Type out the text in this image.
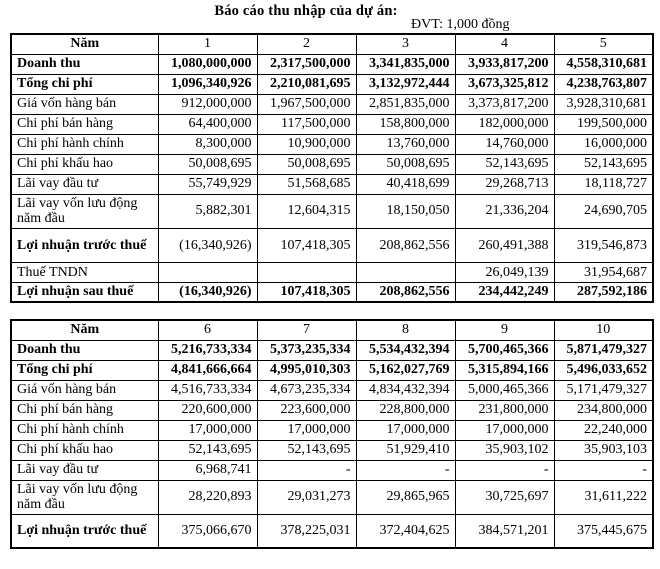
Báo cáo thu nhập của dự án:
ĐVT: 1,000 đồng
Năm	1	2	3	4	5
Doanh thu	1,080,000,000	2,317,500,000	3,341,835,000	3,933,817,200	4,558,310,681
Tổng chi phí	1,096,340,926	2,210,081,695	3,132,972,444	3,673,325,812	4,238,763,807
Giá vốn hàng bán	912,000,000	1,967,500,000	2,851,835,000	3,373,817,200	3,928,310,681
Chi phí bán hàng	64,400,000	117,500,000	158,800,000	182,000,000	199,500,000
Chi phí hành chính	8,300,000	10,900,000	13,760,000	14,760,000	16,000,000
Chi phí khấu hao	50,008,695	50,008,695	50,008,695	52,143,695	52,143,695
Lãi vay đầu tư	55,749,929	51,568,685	40,418,699	29,268,713	18,118,727
Lãi vay vốn lưu động năm đầu	5,882,301	12,604,315	18,150,050	21,336,204	24,690,705
Lợi nhuận trước thuế	(16,340,926)	107,418,305	208,862,556	260,491,388	319,546,873
Thuế TNDN				26,049,139	31,954,687
Lợi nhuận sau thuế	(16,340,926)	107,418,305	208,862,556	234,442,249	287,592,186
Năm	6	7	8	9	10
Doanh thu	5,216,733,334	5,373,235,334	5,534,432,394	5,700,465,366	5,871,479,327
Tổng chi phí	4,841,666,664	4,995,010,303	5,162,027,769	5,315,894,166	5,496,033,652
Giá vốn hàng bán	4,516,733,334	4,673,235,334	4,834,432,394	5,000,465,366	5,171,479,327
Chi phí bán hàng	220,600,000	223,600,000	228,800,000	231,800,000	234,800,000
Chi phí hành chính	17,000,000	17,000,000	17,000,000	17,000,000	22,240,000
Chi phí khấu hao	52,143,695	52,143,695	51,929,410	35,903,102	35,903,103
Lãi vay đầu tư	6,968,741	-	-	-	-
Lãi vay vốn lưu động năm đầu	28,220,893	29,031,273	29,865,965	30,725,697	31,611,222
Lợi nhuận trước thuế	375,066,670	378,225,031	372,404,625	384,571,201	375,445,675
